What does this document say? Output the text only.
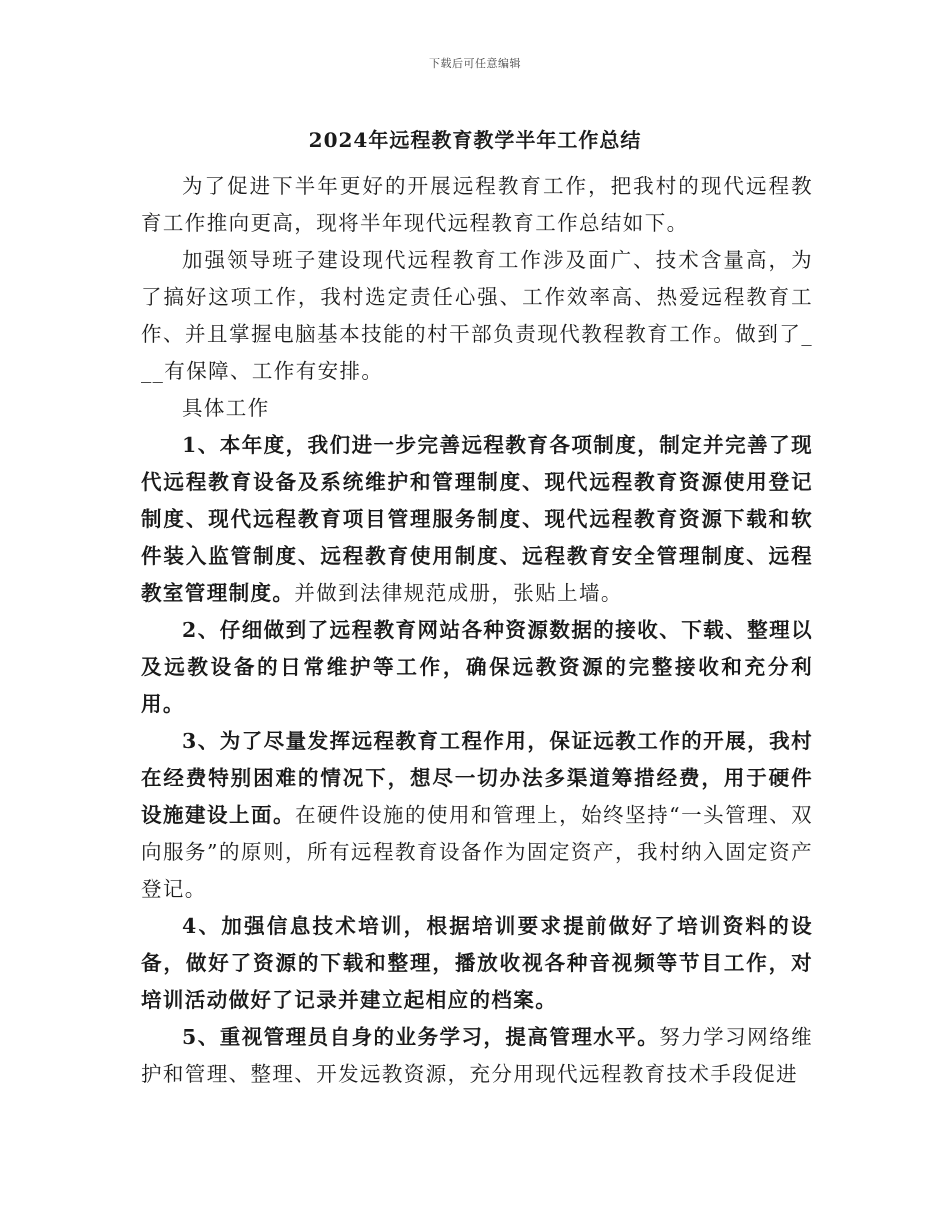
下载后可任意编辑
2024年远程教育教学半年工作总结

为了促进下半年更好的开展远程教育工作，把我村的现代远程教育工作推向更高，现将半年现代远程教育工作总结如下。

加强领导班子建设现代远程教育工作涉及面广、技术含量高，为了搞好这项工作，我村选定责任心强、工作效率高、热爱远程教育工作、并且掌握电脑基本技能的村干部负责现代教程教育工作。做到了___有保障、工作有安排。

具体工作

1、本年度，我们进一步完善远程教育各项制度，制定并完善了现代远程教育设备及系统维护和管理制度、现代远程教育资源使用登记制度、现代远程教育项目管理服务制度、现代远程教育资源下载和软件装入监管制度、远程教育使用制度、远程教育安全管理制度、远程教室管理制度。并做到法律规范成册，张贴上墙。

2、仔细做到了远程教育网站各种资源数据的接收、下载、整理以及远教设备的日常维护等工作，确保远教资源的完整接收和充分利用。

3、为了尽量发挥远程教育工程作用，保证远教工作的开展，我村在经费特别困难的情况下，想尽一切办法多渠道筹措经费，用于硬件设施建设上面。在硬件设施的使用和管理上，始终坚持“一头管理、双向服务”的原则，所有远程教育设备作为固定资产，我村纳入固定资产登记。

4、加强信息技术培训，根据培训要求提前做好了培训资料的设备，做好了资源的下载和整理，播放收视各种音视频等节目工作，对培训活动做好了记录并建立起相应的档案。

5、重视管理员自身的业务学习，提高管理水平。努力学习网络维护和管理、整理、开发远教资源，充分用现代远程教育技术手段促进
